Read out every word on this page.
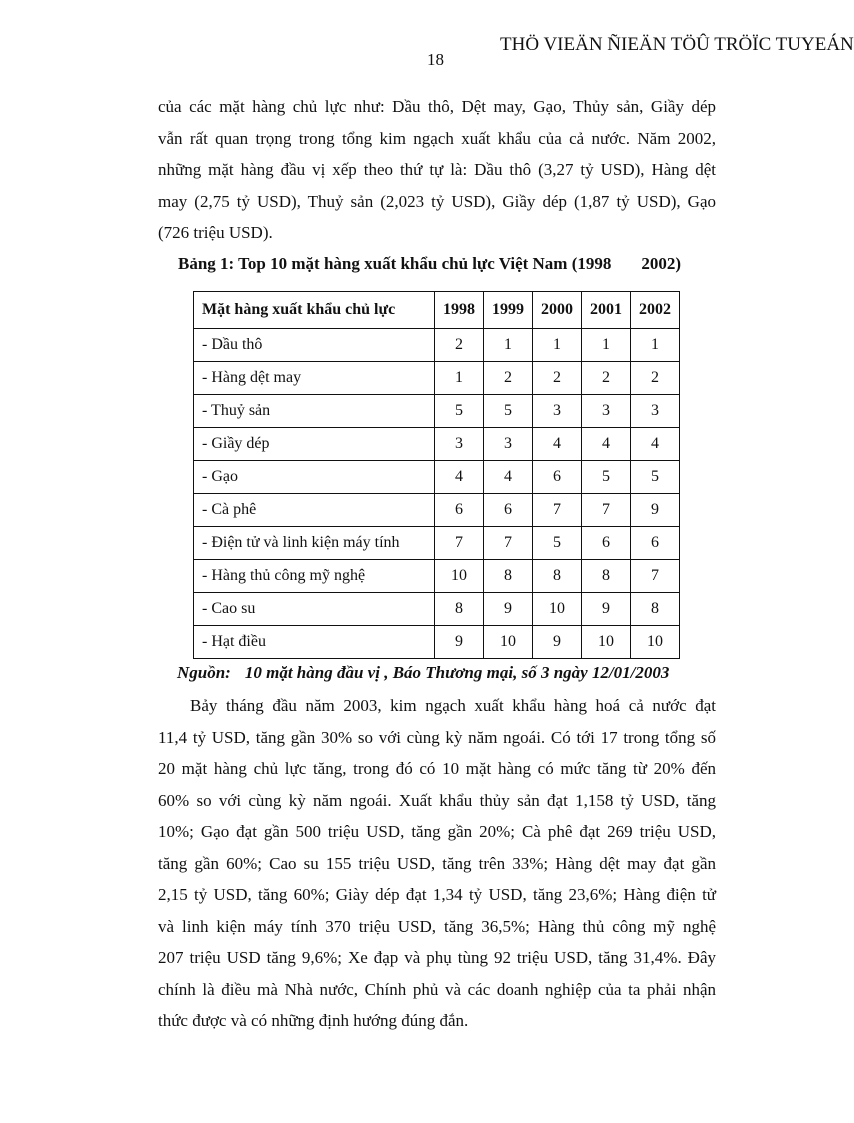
THÖ VIEÄN ÑIEÄN TÖÛ TRÖÏC TUYEÁN
18
của các mặt hàng chủ lực như: Dầu thô, Dệt may, Gạo, Thủy sản, Giầy dép
vẫn rất quan trọng trong tổng kim ngạch xuất khẩu của cả nước. Năm 2002,
những mặt hàng đầu vị xếp theo thứ tự là: Dầu thô (3,27 tỷ USD), Hàng dệt
may (2,75 tỷ USD), Thuỷ sản (2,023 tỷ USD), Giầy dép (1,87 tỷ USD), Gạo
(726 triệu USD).
Bảng 1: Top 10 mặt hàng xuất khẩu chủ lực Việt Nam (1998 2002)
Mặt hàng xuất khẩu chủ lực	1998	1999	2000	2001	2002
- Dầu thô	2	1	1	1	1
- Hàng dệt may	1	2	2	2	2
- Thuỷ sản	5	5	3	3	3
- Giầy dép	3	3	4	4	4
- Gạo	4	4	6	5	5
- Cà phê	6	6	7	7	9
- Điện tử và linh kiện máy tính	7	7	5	6	6
- Hàng thủ công mỹ nghệ	10	8	8	8	7
- Cao su	8	9	10	9	8
- Hạt điều	9	10	9	10	10
Nguồn: 10 mặt hàng đầu vị , Báo Thương mại, số 3 ngày 12/01/2003
Bảy tháng đầu năm 2003, kim ngạch xuất khẩu hàng hoá cả nước đạt
11,4 tỷ USD, tăng gần 30% so với cùng kỳ năm ngoái. Có tới 17 trong tổng số
20 mặt hàng chủ lực tăng, trong đó có 10 mặt hàng có mức tăng từ 20% đến
60% so với cùng kỳ năm ngoái. Xuất khẩu thủy sản đạt 1,158 tỷ USD, tăng
10%; Gạo đạt gần 500 triệu USD, tăng gần 20%; Cà phê đạt 269 triệu USD,
tăng gần 60%; Cao su 155 triệu USD, tăng trên 33%; Hàng dệt may đạt gần
2,15 tỷ USD, tăng 60%; Giày dép đạt 1,34 tỷ USD, tăng 23,6%; Hàng điện tử
và linh kiện máy tính 370 triệu USD, tăng 36,5%; Hàng thủ công mỹ nghệ
207 triệu USD tăng 9,6%; Xe đạp và phụ tùng 92 triệu USD, tăng 31,4%. Đây
chính là điều mà Nhà nước, Chính phủ và các doanh nghiệp của ta phải nhận
thức được và có những định hướng đúng đắn.
